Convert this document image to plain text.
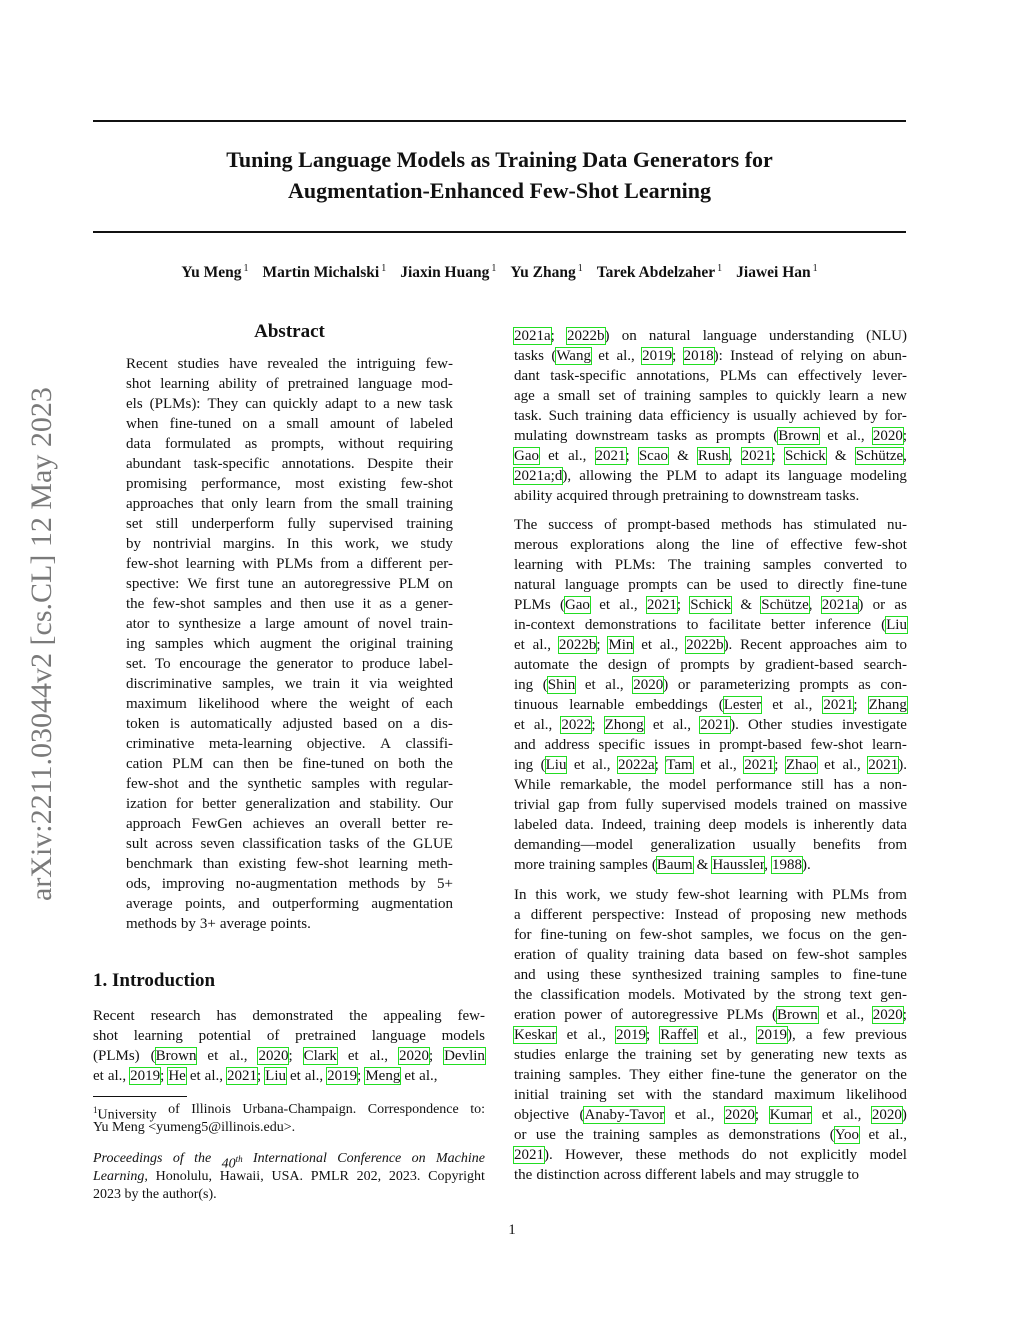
arXiv:2211.03044v2 [cs.CL] 12 May 2023
Tuning Language Models as Training Data Generators for
Augmentation-Enhanced Few-Shot Learning
Yu Meng $^1$ Martin Michalski $^1$ Jiaxin Huang $^1$ Yu Zhang $^1$ Tarek Abdelzaher $^1$ Jiawei Han $^1$
Abstract
Recent studies have revealed the intriguing few-
shot learning ability of pretrained language mod-
els (PLMs): They can quickly adapt to a new task
when fine-tuned on a small amount of labeled
data formulated as prompts, without requiring
abundant task-specific annotations. Despite their
promising performance, most existing few-shot
approaches that only learn from the small training
set still underperform fully supervised training
by nontrivial margins. In this work, we study
few-shot learning with PLMs from a different per-
spective: We first tune an autoregressive PLM on
the few-shot samples and then use it as a gener-
ator to synthesize a large amount of novel train-
ing samples which augment the original training
set. To encourage the generator to produce label-
discriminative samples, we train it via weighted
maximum likelihood where the weight of each
token is automatically adjusted based on a dis-
criminative meta-learning objective. A classifi-
cation PLM can then be fine-tuned on both the
few-shot and the synthetic samples with regular-
ization for better generalization and stability. Our
approach FewGen achieves an overall better re-
sult across seven classification tasks of the GLUE
benchmark than existing few-shot learning meth-
ods, improving no-augmentation methods by 5+
average points, and outperforming augmentation
methods by 3+ average points.
1. Introduction
Recent research has demonstrated the appealing few-
shot learning potential of pretrained language models
(PLMs) (Brown et al., 2020; Clark et al., 2020; Devlin
et al., 2019; He et al., 2021; Liu et al., 2019; Meng et al.,
$^1$University of Illinois Urbana-Champaign. Correspondence to:
Yu Meng <yumeng5@illinois.edu>.
Proceedings of the 40th International Conference on Machine
Learning, Honolulu, Hawaii, USA. PMLR 202, 2023. Copyright
2023 by the author(s).
2021a; 2022b) on natural language understanding (NLU)
tasks (Wang et al., 2019; 2018): Instead of relying on abun-
dant task-specific annotations, PLMs can effectively lever-
age a small set of training samples to quickly learn a new
task. Such training data efficiency is usually achieved by for-
mulating downstream tasks as prompts (Brown et al., 2020;
Gao et al., 2021; Scao & Rush, 2021; Schick & Schütze,
2021a;d), allowing the PLM to adapt its language modeling
ability acquired through pretraining to downstream tasks.
The success of prompt-based methods has stimulated nu-
merous explorations along the line of effective few-shot
learning with PLMs: The training samples converted to
natural language prompts can be used to directly fine-tune
PLMs (Gao et al., 2021; Schick & Schütze, 2021a) or as
in-context demonstrations to facilitate better inference (Liu
et al., 2022b; Min et al., 2022b). Recent approaches aim to
automate the design of prompts by gradient-based search-
ing (Shin et al., 2020) or parameterizing prompts as con-
tinuous learnable embeddings (Lester et al., 2021; Zhang
et al., 2022; Zhong et al., 2021). Other studies investigate
and address specific issues in prompt-based few-shot learn-
ing (Liu et al., 2022a; Tam et al., 2021; Zhao et al., 2021).
While remarkable, the model performance still has a non-
trivial gap from fully supervised models trained on massive
labeled data. Indeed, training deep models is inherently data
demanding—model generalization usually benefits from
more training samples (Baum & Haussler, 1988).
In this work, we study few-shot learning with PLMs from
a different perspective: Instead of proposing new methods
for fine-tuning on few-shot samples, we focus on the gen-
eration of quality training data based on few-shot samples
and using these synthesized training samples to fine-tune
the classification models. Motivated by the strong text gen-
eration power of autoregressive PLMs (Brown et al., 2020;
Keskar et al., 2019; Raffel et al., 2019), a few previous
studies enlarge the training set by generating new texts as
training samples. They either fine-tune the generator on the
initial training set with the standard maximum likelihood
objective (Anaby-Tavor et al., 2020; Kumar et al., 2020)
or use the training samples as demonstrations (Yoo et al.,
2021). However, these methods do not explicitly model
the distinction across different labels and may struggle to
1
